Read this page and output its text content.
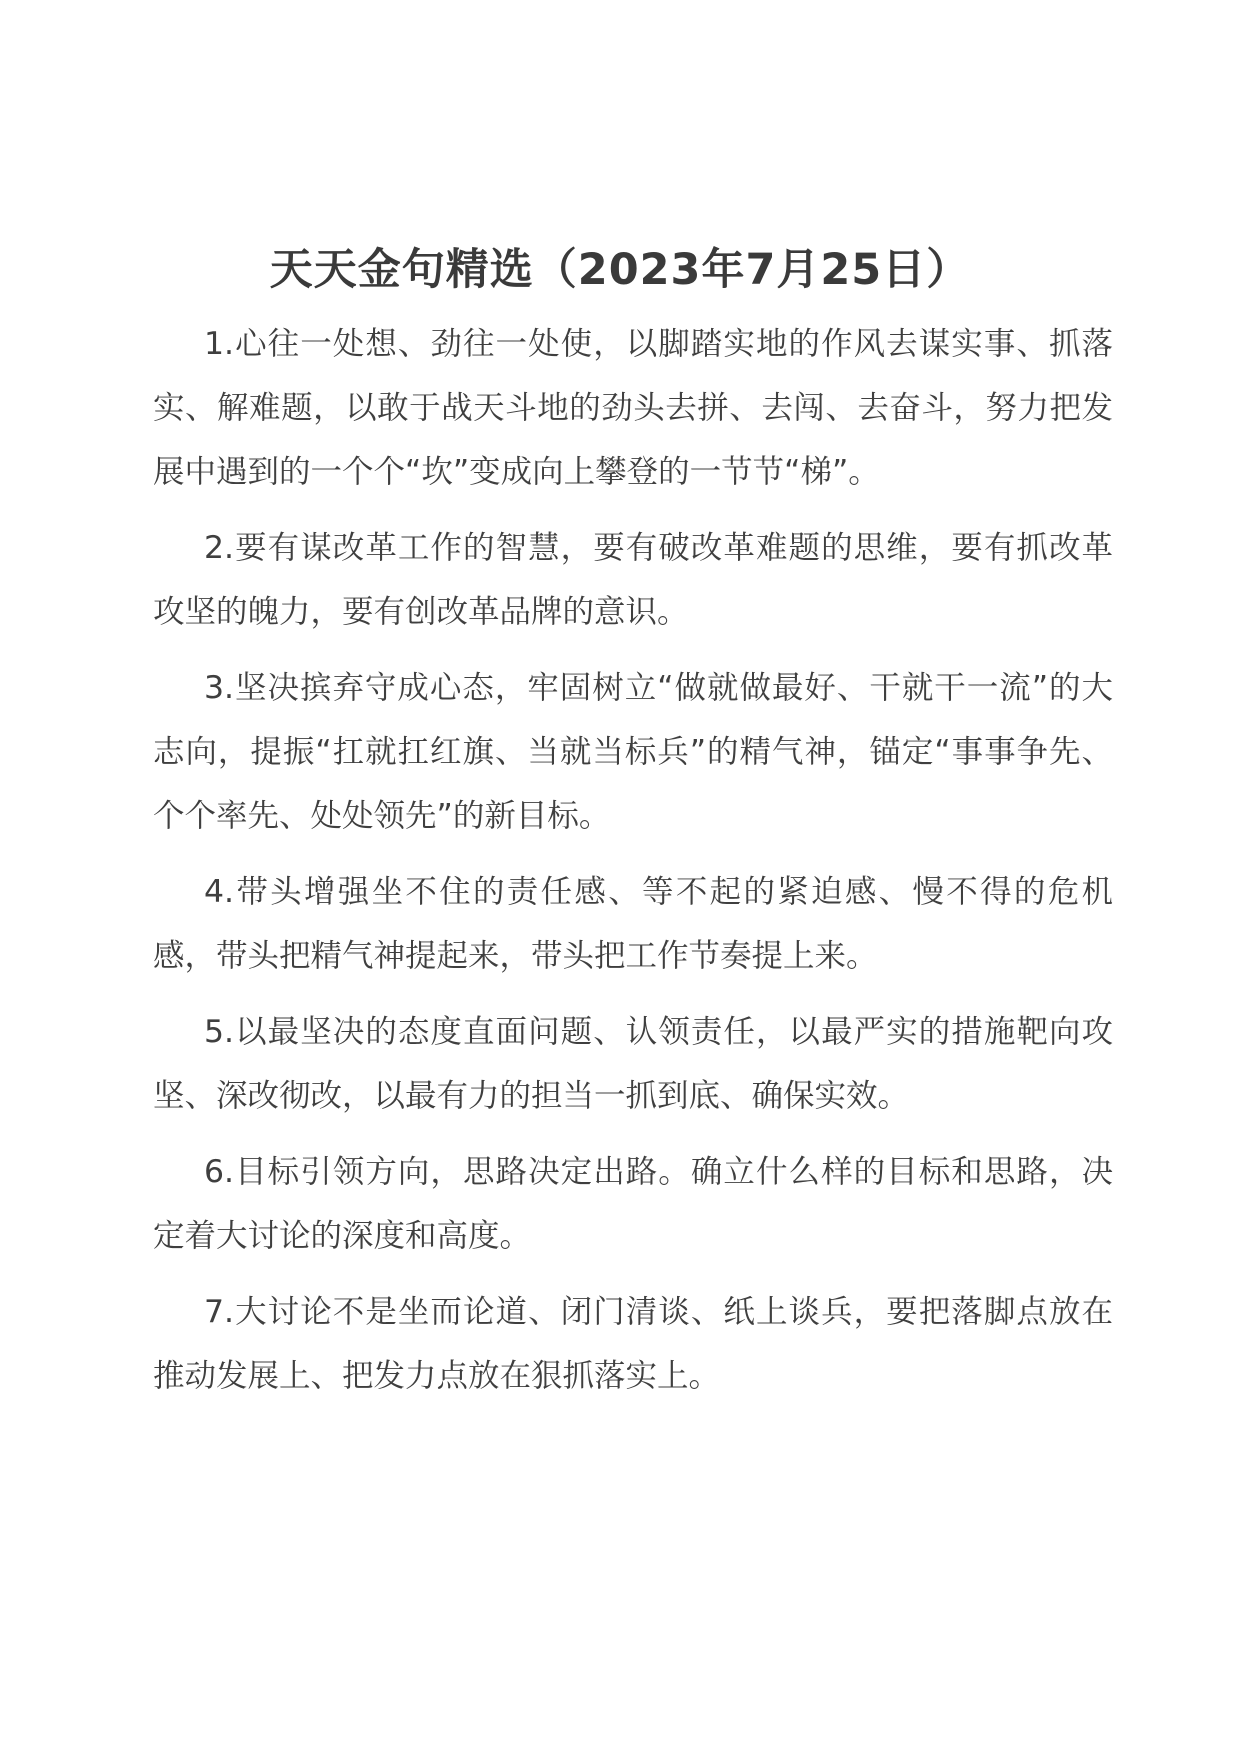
天天金句精选（2023年7月25日）

1.心往一处想、劲往一处使，以脚踏实地的作风去谋实事、抓落实、解难题，以敢于战天斗地的劲头去拼、去闯、去奋斗，努力把发展中遇到的一个个“坎”变成向上攀登的一节节“梯”。

2.要有谋改革工作的智慧，要有破改革难题的思维，要有抓改革攻坚的魄力，要有创改革品牌的意识。

3.坚决摈弃守成心态，牢固树立“做就做最好、干就干一流”的大志向，提振“扛就扛红旗、当就当标兵”的精气神，锚定“事事争先、个个率先、处处领先”的新目标。

4.带头增强坐不住的责任感、等不起的紧迫感、慢不得的危机感，带头把精气神提起来，带头把工作节奏提上来。

5.以最坚决的态度直面问题、认领责任，以最严实的措施靶向攻坚、深改彻改，以最有力的担当一抓到底、确保实效。

6.目标引领方向，思路决定出路。确立什么样的目标和思路，决定着大讨论的深度和高度。

7.大讨论不是坐而论道、闭门清谈、纸上谈兵，要把落脚点放在推动发展上、把发力点放在狠抓落实上。
